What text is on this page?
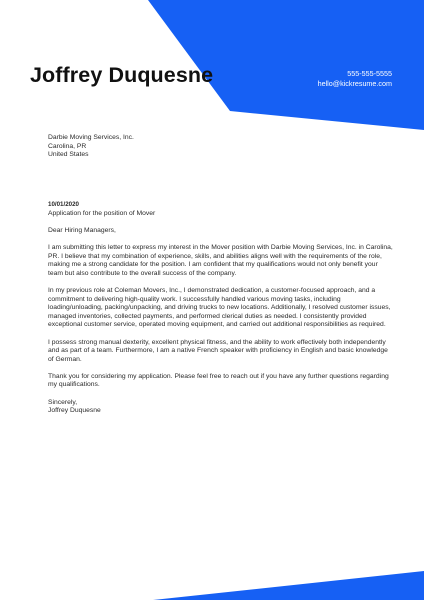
Joffrey Duquesne	555-555-5555
hello@kickresume.com
Darbie Moving Services, Inc.
Carolina, PR
United States
10/01/2020

Application for the position of Mover

Dear Hiring Managers,

I am submitting this letter to express my interest in the Mover position with Darbie Moving Services, Inc. in Carolina, PR. I believe that my combination of experience, skills, and abilities aligns well with the requirements of the role, making me a strong candidate for the position. I am confident that my qualifications would not only benefit your team but also contribute to the overall success of the company.

In my previous role at Coleman Movers, Inc., I demonstrated dedication, a customer-focused approach, and a commitment to delivering high-quality work. I successfully handled various moving tasks, including loading/unloading, packing/unpacking, and driving trucks to new locations. Additionally, I resolved customer issues, managed inventories, collected payments, and performed clerical duties as needed. I consistently provided exceptional customer service, operated moving equipment, and carried out additional responsibilities as required.

I possess strong manual dexterity, excellent physical fitness, and the ability to work effectively both independently and as part of a team. Furthermore, I am a native French speaker with proficiency in English and basic knowledge of German.

Thank you for considering my application. Please feel free to reach out if you have any further questions regarding my qualifications.

Sincerely,
Joffrey Duquesne
